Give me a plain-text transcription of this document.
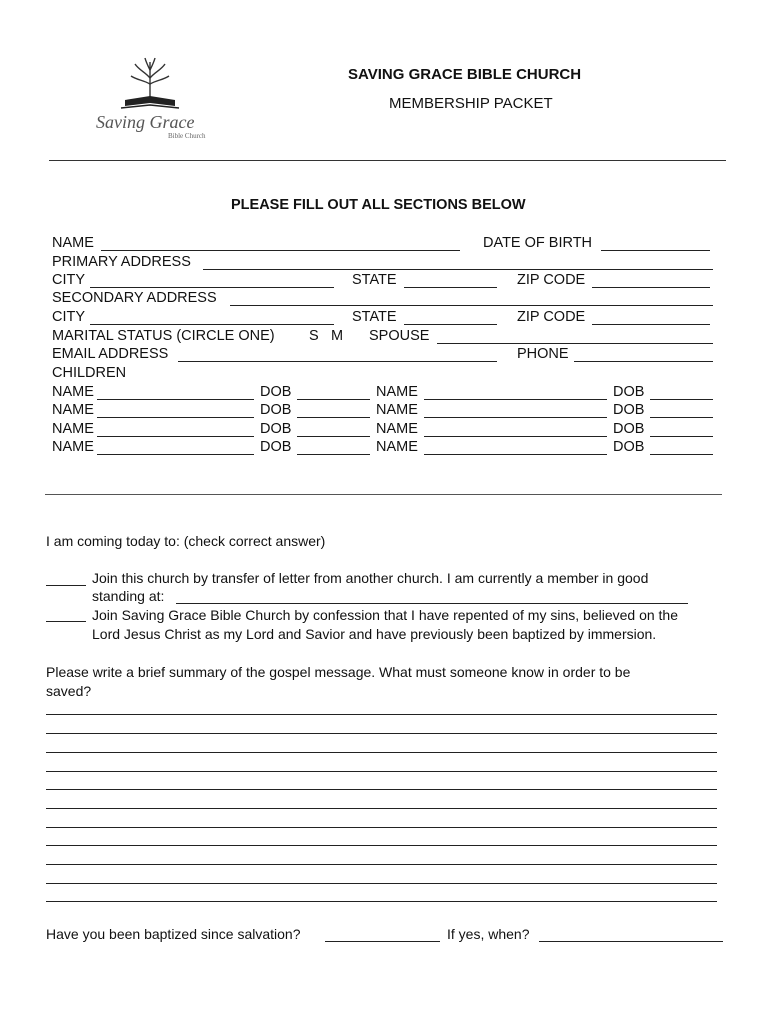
Saving Grace
Bible Church
SAVING GRACE BIBLE CHURCH
MEMBERSHIP PACKET
PLEASE FILL OUT ALL SECTIONS BELOW
NAME	DATE OF BIRTH
PRIMARY ADDRESS
CITY	STATE	ZIP CODE
SECONDARY ADDRESS
CITY	STATE	ZIP CODE
MARITAL STATUS (CIRCLE ONE) S M SPOUSE
EMAIL ADDRESS	PHONE
CHILDREN
NAME	DOB	NAME	DOB
NAME	DOB	NAME	DOB
NAME	DOB	NAME	DOB
NAME	DOB	NAME	DOB
I am coming today to: (check correct answer)
Join this church by transfer of letter from another church. I am currently a member in good
standing at:
Join Saving Grace Bible Church by confession that I have repented of my sins, believed on the
Lord Jesus Christ as my Lord and Savior and have previously been baptized by immersion.
Please write a brief summary of the gospel message. What must someone know in order to be
saved?
Have you been baptized since salvation?	If yes, when?
